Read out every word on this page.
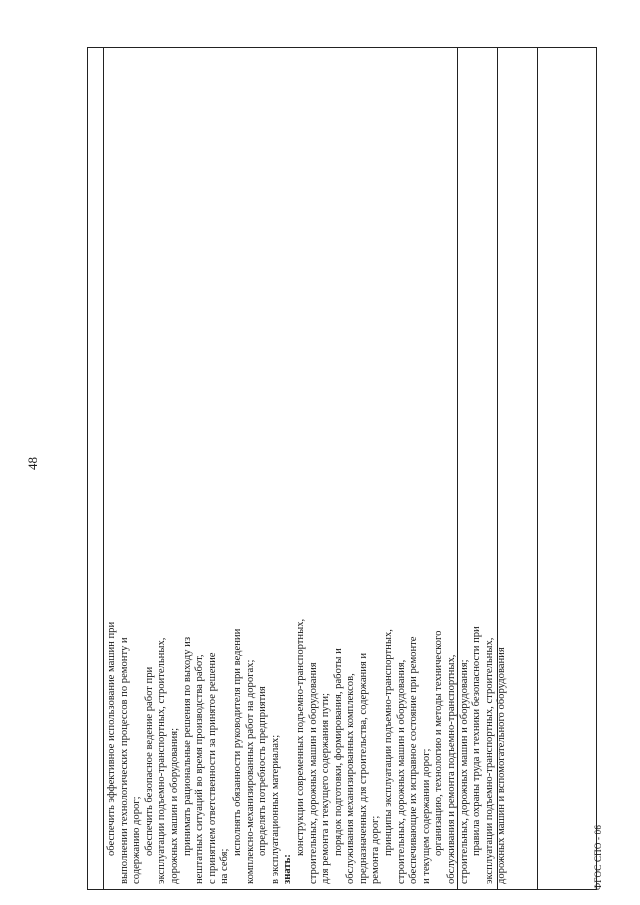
48
ФГОС СПО - 06
обеспечить эффективное использование машин при выполнении технологических процессов по ремонту и содержанию дорог; обеспечить безопасное ведение работ при эксплуатации подъемно-транспортных, строительных, дорожных машин и оборудования; принимать рациональные решения по выходу из нештатных ситуаций во время производства работ, с принятием ответственности за принятое решение на себя;
исполнять обязанности руководителя при ведении комплексно-механизированных работ на дорогах; определять потребность предприятия в эксплуатационных материалах; знать:
конструкции современных подъемно-транспортных, строительных, дорожных машин и оборудования для ремонта и текущего содержания пути; порядок подготовки, формирования, работы и обслуживания механизированных комплексов, предназначенных для строительства, содержания и ремонта дорог; принципы эксплуатации подъемно-транспортных, строительных, дорожных машин и оборудования, обеспечивающие их исправное состояние при ремонте и текущем содержании дорог; организацию, технологию и методы технического обслуживания и ремонта подъемно-транспортных, строительных, дорожных машин и оборудования; правила охраны труда и техники безопасности при эксплуатации подъемно-транспортных, строительных, дорожных машин и вспомогательного оборудования
